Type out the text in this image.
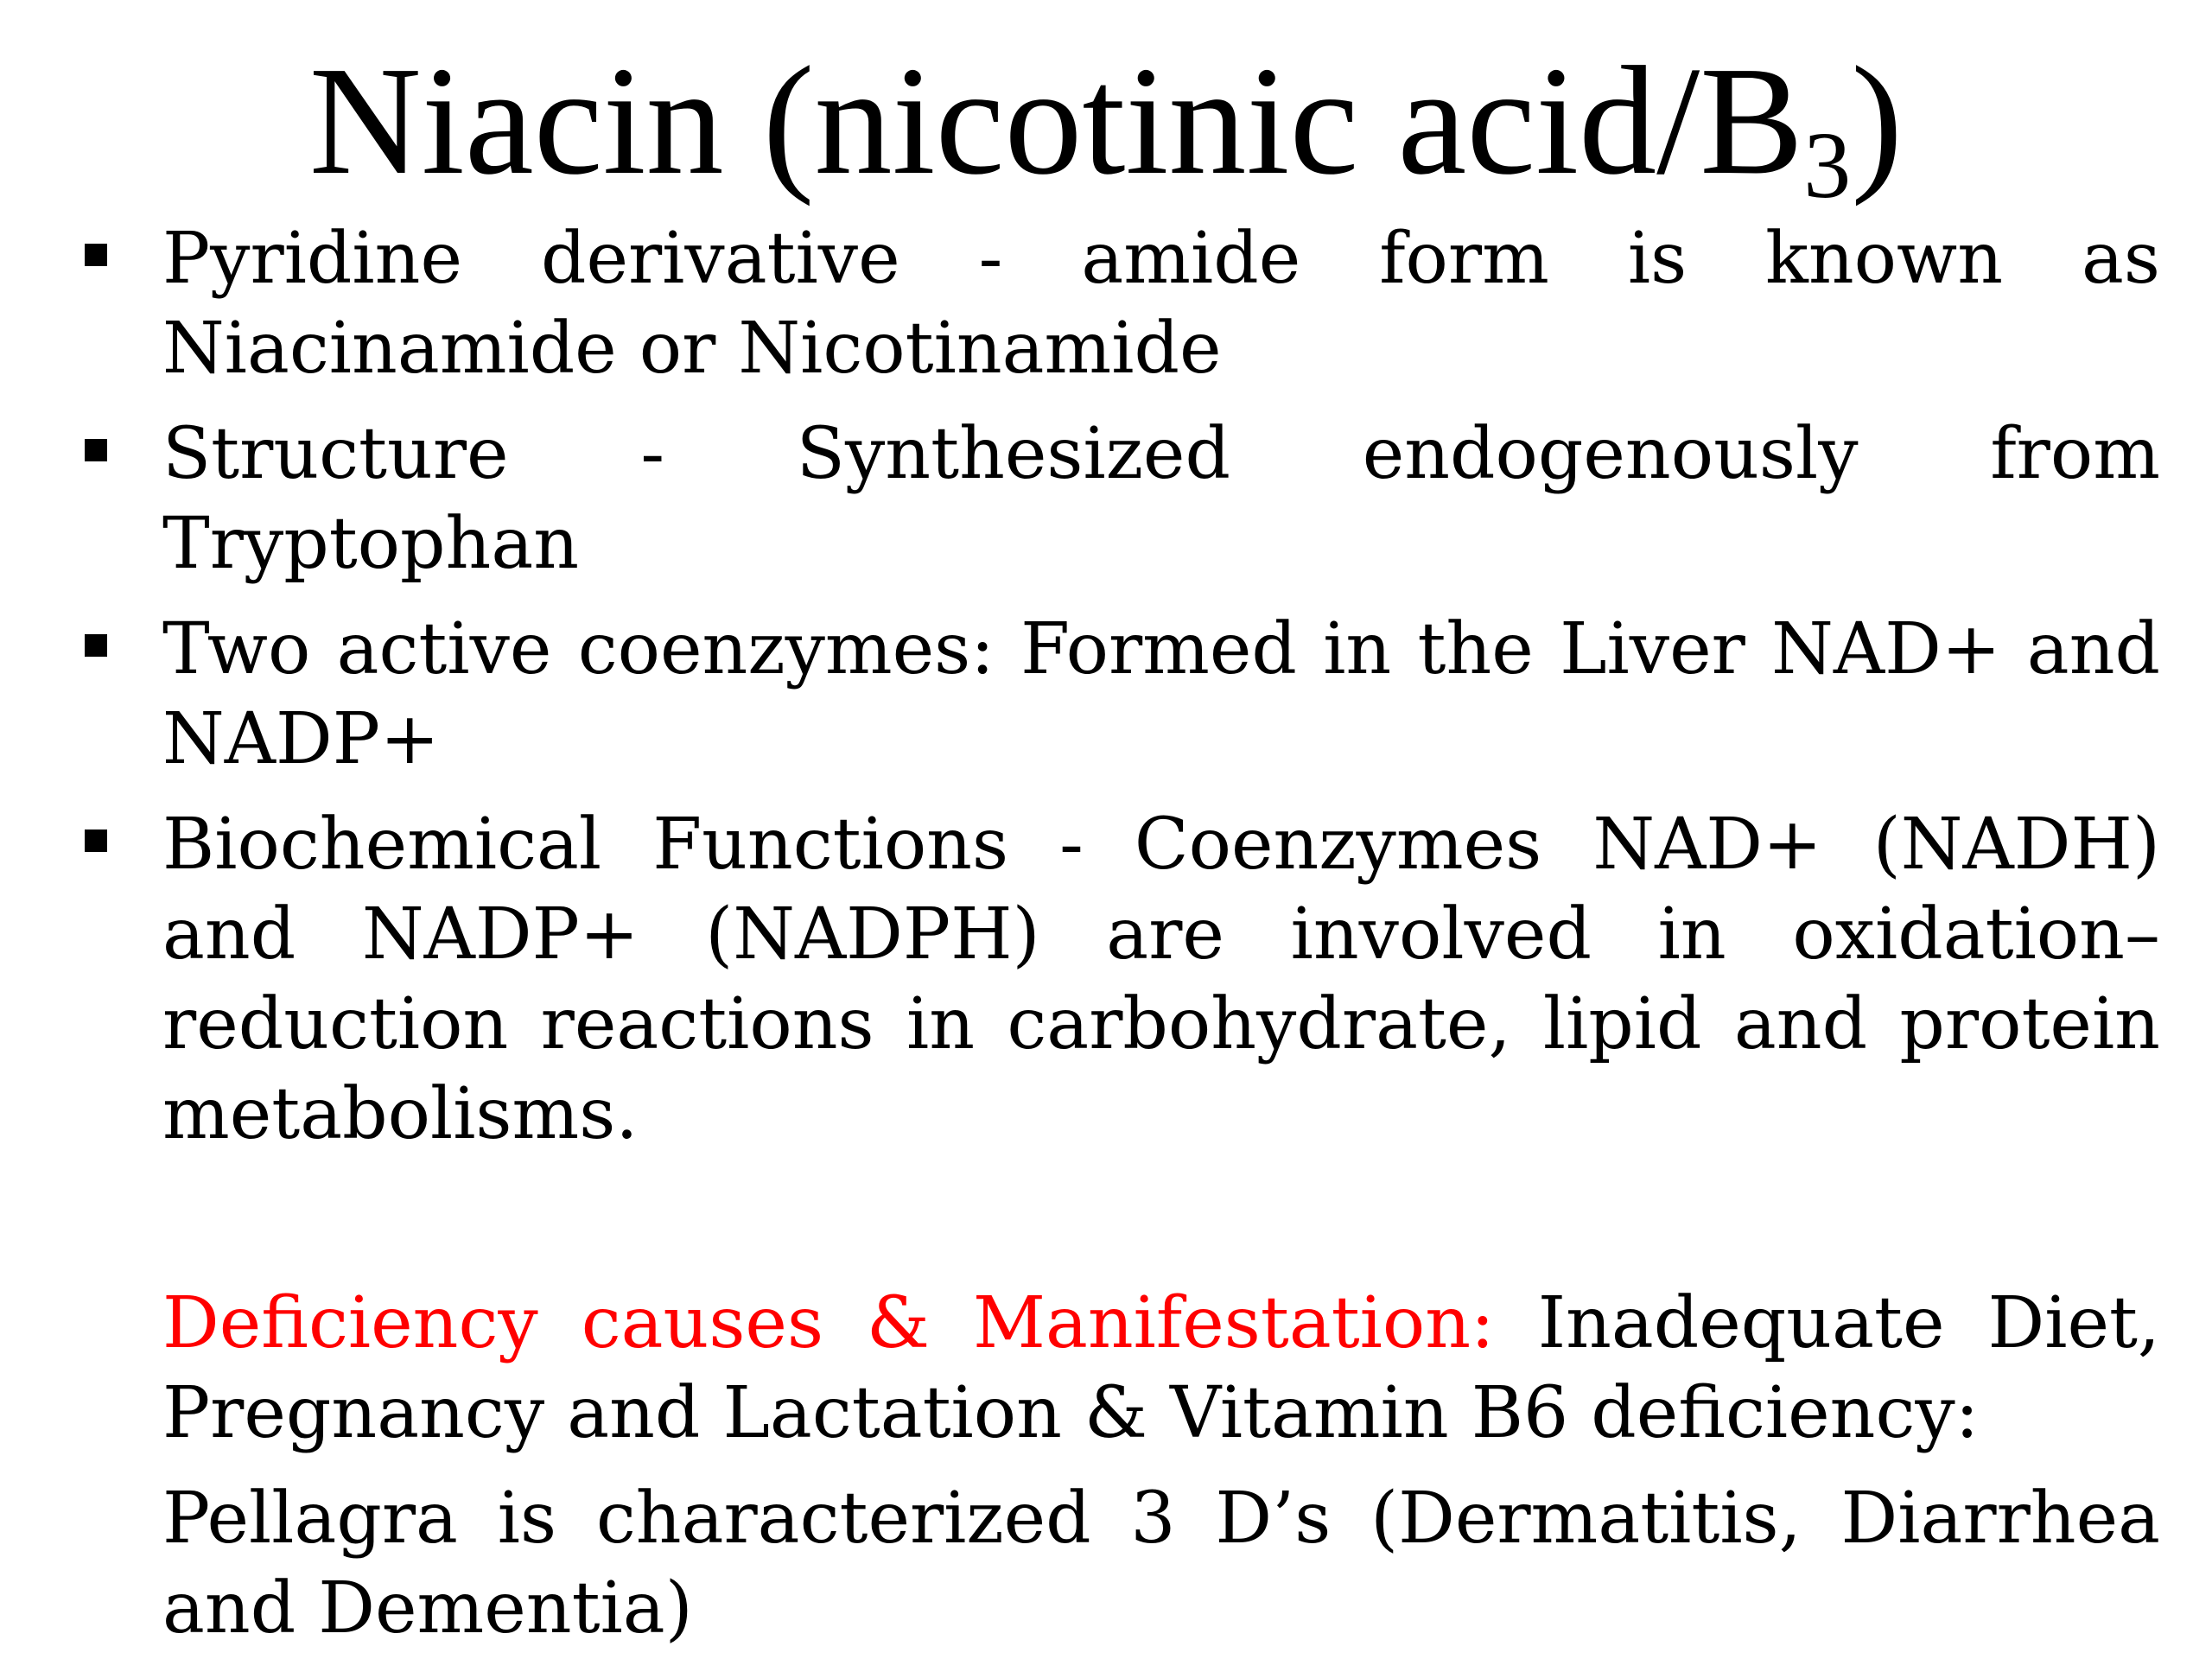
Niacin (nicotinic acid/$B_3$)
Pyridine derivative - amide form is known as Niacinamide or Nicotinamide
Structure - Synthesized endogenously from Tryptophan
Two active coenzymes: Formed in the Liver NAD+ and NADP+
Biochemical Functions - Coenzymes NAD+ (NADH) and NADP+ (NADPH) are involved in oxidation–reduction reactions in carbohydrate, lipid and protein metabolisms.

Deficiency causes & Manifestation: Inadequate Diet, Pregnancy and Lactation & Vitamin B6 deficiency:

Pellagra is characterized 3 D’s (Dermatitis, Diarrhea and Dementia)
